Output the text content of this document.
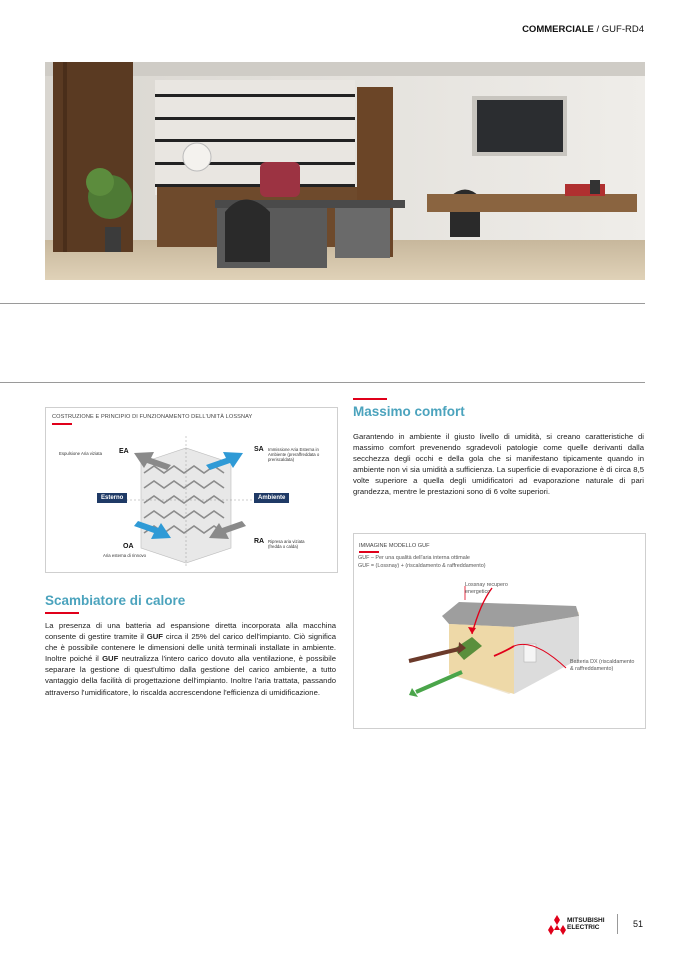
COMMERCIALE / GUF-RD4
COSTRUZIONE E PRINCIPIO DI FUNZIONAMENTO DELL'UNITÀ LOSSNAY
Espulsione Aria viziata	EA	SA Immissione Aria Esterna in Ambiente (preraffreddata o preriscaldata)
Esterno	Ambiente
RA Ripresa aria viziata (fredda o calda)
OA
Aria esterna di rinnovo
Scambiatore di calore
La presenza di una batteria ad espansione diretta incorporata alla macchina consente di gestire tramite il GUF circa il 25% del carico dell'impianto. Ciò significa che è possibile contenere le dimensioni delle unità terminali installate in ambiente. Inoltre poiché il GUF neutralizza l'intero carico dovuto alla ventilazione, è possibile separare la gestione di quest'ultimo dalla gestione del carico ambiente, a tutto vantaggio della facilità di progettazione dell'impianto. Inoltre l'aria trattata, passando attraverso l'umidificatore, lo riscalda accrescendone l'efficienza di umidificazione.
Massimo comfort
Garantendo in ambiente il giusto livello di umidità, si creano caratteristiche di massimo comfort prevenendo sgradevoli patologie come quelle derivanti dalla secchezza degli occhi e della gola che si manifestano tipicamente quando in ambiente non vi sia umidità a sufficienza. La superficie di evaporazione è di circa 8,5 volte superiore a quella degli umidificatori ad evaporazione naturale di pari grandezza, mentre le prestazioni sono di 6 volte superiori.
IMMAGINE MODELLO GUF
GUF – Per una qualità dell'aria interna ottimale
GUF = (Lossnay) + (riscaldamento & raffreddamento)
Lossnay recupero energetico
Batteria DX (riscaldamento & raffreddamento)
MITSUBISHI
ELECTRIC	51
